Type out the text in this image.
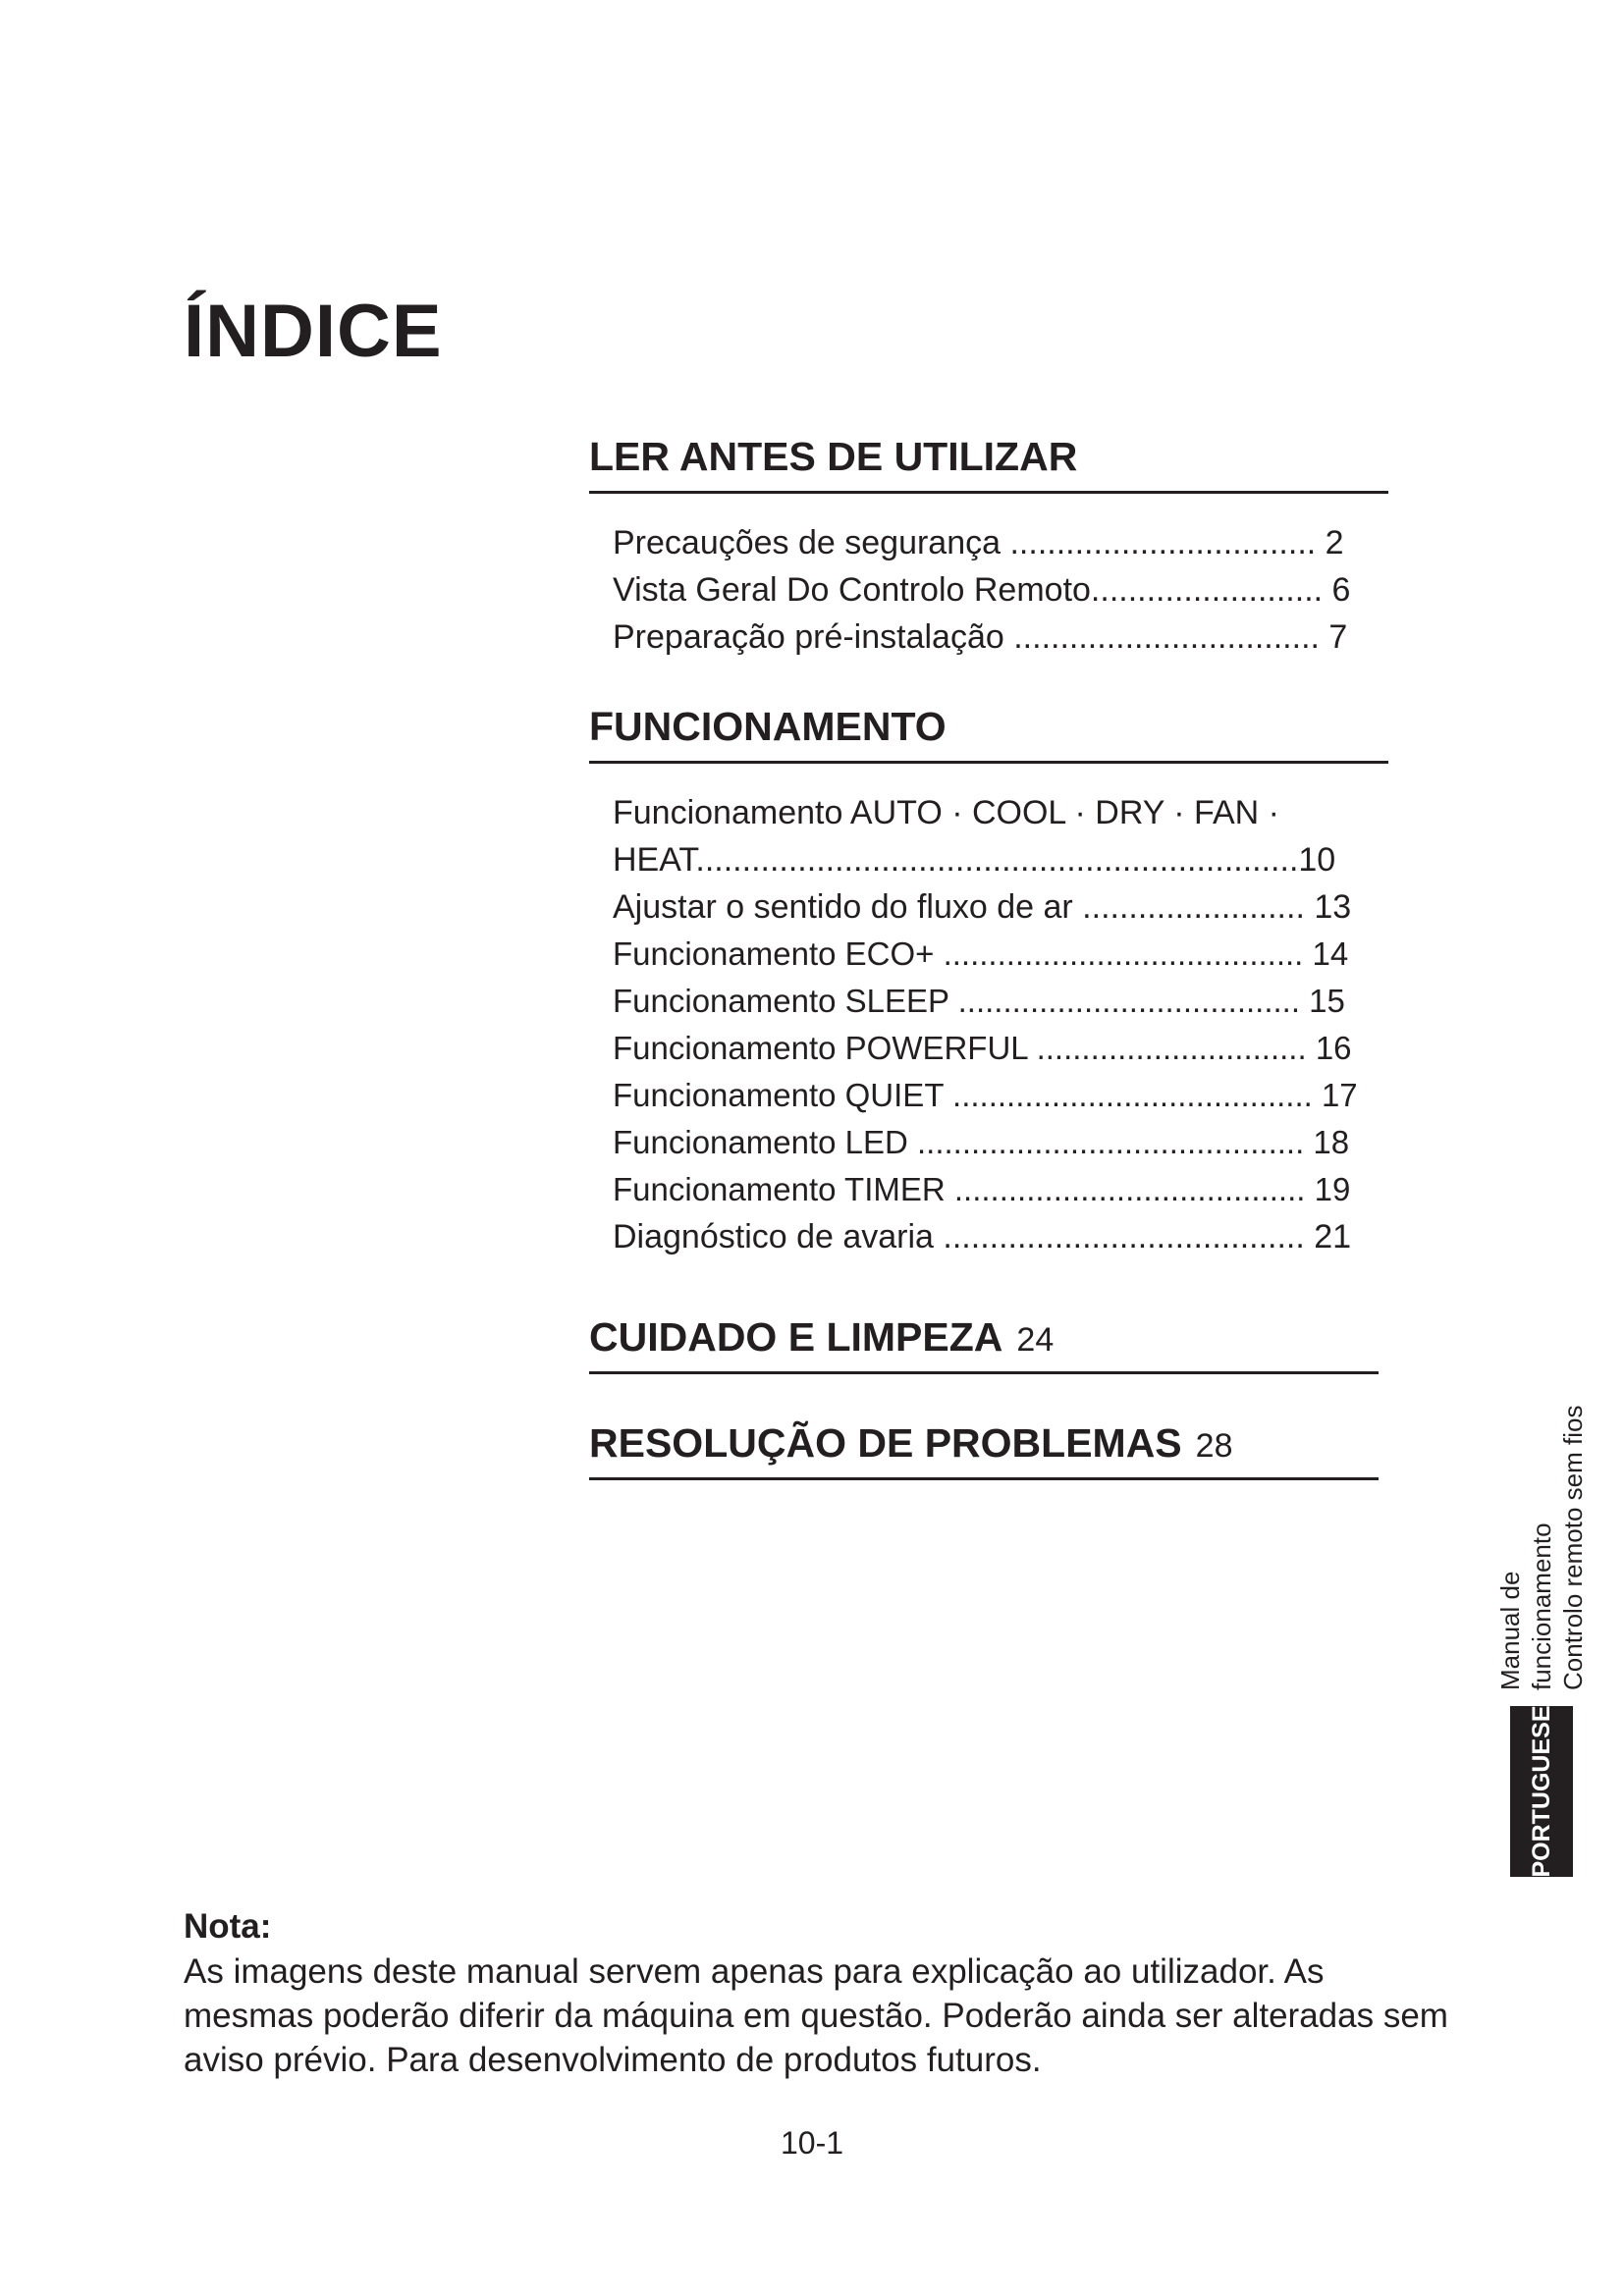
ÍNDICE
LER ANTES DE UTILIZAR
Precauções de segurança ................................. 2
Vista Geral Do Controlo Remoto......................... 6
Preparação pré-instalação ................................. 7
FUNCIONAMENTO
Funcionamento AUTO · COOL · DRY · FAN ·
HEAT.................................................................10
Ajustar o sentido do fluxo de ar ........................ 13
Funcionamento ECO+ ........................................ 14
Funcionamento SLEEP ...................................... 15
Funcionamento POWERFUL .............................. 16
Funcionamento QUIET ........................................ 17
Funcionamento LED ........................................... 18
Funcionamento TIMER ....................................... 19
Diagnóstico de avaria ....................................... 21
CUIDADO E LIMPEZA 24
RESOLUÇÃO DE PROBLEMAS 28
Manual de funcionamento Controlo remoto sem fios
PORTUGUESE
Nota:
As imagens deste manual servem apenas para explicação ao utilizador. As mesmas poderão diferir da máquina em questão. Poderão ainda ser alteradas sem aviso prévio. Para desenvolvimento de produtos futuros.
10-1
